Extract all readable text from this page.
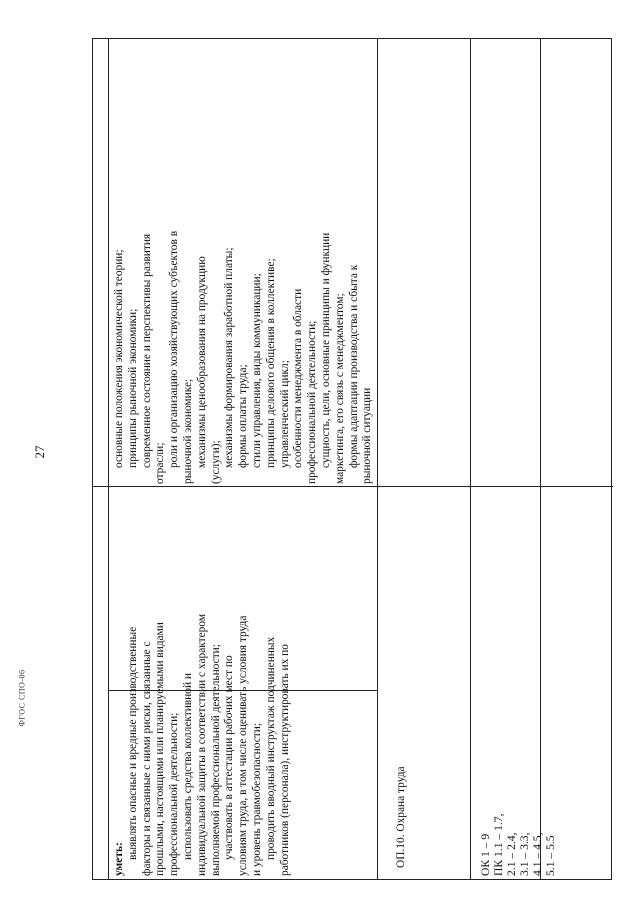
27
ФГОС СПО-06
основные положения экономической теории; принципы рыночной экономики; современное состояние и перспективы развития отрасли; роли и организацию хозяйствующих субъектов в рыночной экономике; механизмы ценообразования на продукцию (услуги); механизмы формирования заработной платы; формы оплаты труда; стили управления, виды коммуникации; принципы делового общения в коллективе; управленческий цикл; особенности менеджмента в области профессиональной деятельности; сущность, цели, основные принципы и функции маркетинга, его связь с менеджментом; формы адаптации производства и сбыта к рыночной ситуации
уметь: выявлять опасные и вредные производственные факторы и связанные с ними риски, связанные с прошлыми, настоящими или планируемыми видами профессиональной деятельности; использовать средства коллективной и индивидуальной защиты в соответствии с характером выполняемой профессиональной деятельности; участвовать в аттестации рабочих мест по условиям труда, в том числе оценивать условия труда и уровень травмобезопасности; проводить вводный инструктаж подчиненных работников (персонала), инструктировать их по	ОП.10. Охрана труда	ОК 1 – 9 ПК 1.1 – 1.7, 2.1 – 2.4, 3.1 – 3.3, 4.1 – 4.5, 5.1 – 5.5
